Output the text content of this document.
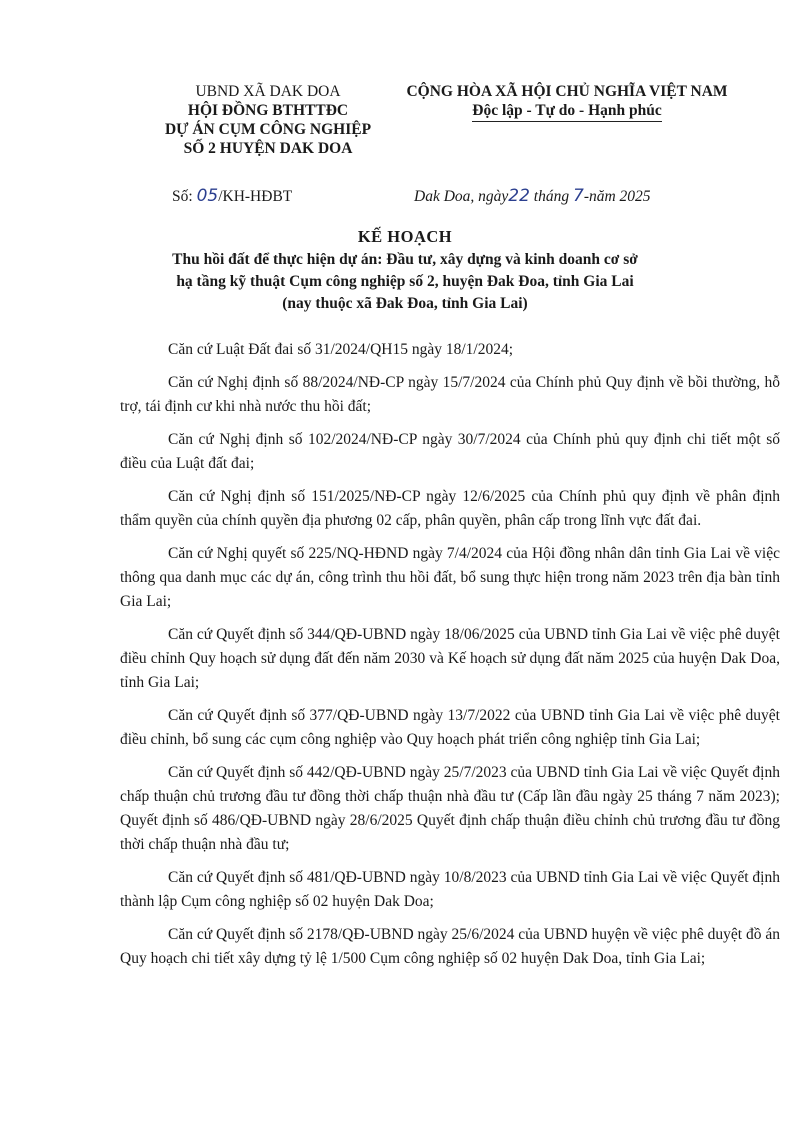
UBND XÃ DAK DOA
HỘI ĐỒNG BTHTTĐC
DỰ ÁN CỤM CÔNG NGHIỆP
SỐ 2 HUYỆN DAK DOA
CỘNG HÒA XÃ HỘI CHỦ NGHĨA VIỆT NAM
Độc lập - Tự do - Hạnh phúc
Số: 05/KH-HĐBT	Dak Doa, ngày22 tháng 7-năm 2025
KẾ HOẠCH
Thu hồi đất để thực hiện dự án: Đầu tư, xây dựng và kinh doanh cơ sở
hạ tầng kỹ thuật Cụm công nghiệp số 2, huyện Đak Đoa, tỉnh Gia Lai
(nay thuộc xã Đak Đoa, tỉnh Gia Lai)

Căn cứ Luật Đất đai số 31/2024/QH15 ngày 18/1/2024;

Căn cứ Nghị định số 88/2024/NĐ-CP ngày 15/7/2024 của Chính phủ Quy định về bồi thường, hỗ trợ, tái định cư khi nhà nước thu hồi đất;

Căn cứ Nghị định số 102/2024/NĐ-CP ngày 30/7/2024 của Chính phủ quy định chi tiết một số điều của Luật đất đai;

Căn cứ Nghị định số 151/2025/NĐ-CP ngày 12/6/2025 của Chính phủ quy định về phân định thẩm quyền của chính quyền địa phương 02 cấp, phân quyền, phân cấp trong lĩnh vực đất đai.

Căn cứ Nghị quyết số 225/NQ-HĐND ngày 7/4/2024 của Hội đồng nhân dân tỉnh Gia Lai về việc thông qua danh mục các dự án, công trình thu hồi đất, bổ sung thực hiện trong năm 2023 trên địa bàn tỉnh Gia Lai;

Căn cứ Quyết định số 344/QĐ-UBND ngày 18/06/2025 của UBND tỉnh Gia Lai về việc phê duyệt điều chỉnh Quy hoạch sử dụng đất đến năm 2030 và Kế hoạch sử dụng đất năm 2025 của huyện Dak Doa, tỉnh Gia Lai;

Căn cứ Quyết định số 377/QĐ-UBND ngày 13/7/2022 của UBND tỉnh Gia Lai về việc phê duyệt điều chỉnh, bổ sung các cụm công nghiệp vào Quy hoạch phát triển công nghiệp tỉnh Gia Lai;

Căn cứ Quyết định số 442/QĐ-UBND ngày 25/7/2023 của UBND tỉnh Gia Lai về việc Quyết định chấp thuận chủ trương đầu tư đồng thời chấp thuận nhà đầu tư (Cấp lần đầu ngày 25 tháng 7 năm 2023); Quyết định số 486/QĐ-UBND ngày 28/6/2025 Quyết định chấp thuận điều chỉnh chủ trương đầu tư đồng thời chấp thuận nhà đầu tư;

Căn cứ Quyết định số 481/QĐ-UBND ngày 10/8/2023 của UBND tỉnh Gia Lai về việc Quyết định thành lập Cụm công nghiệp số 02 huyện Dak Doa;

Căn cứ Quyết định số 2178/QĐ-UBND ngày 25/6/2024 của UBND huyện về việc phê duyệt đồ án Quy hoạch chi tiết xây dựng tỷ lệ 1/500 Cụm công nghiệp số 02 huyện Dak Doa, tỉnh Gia Lai;
